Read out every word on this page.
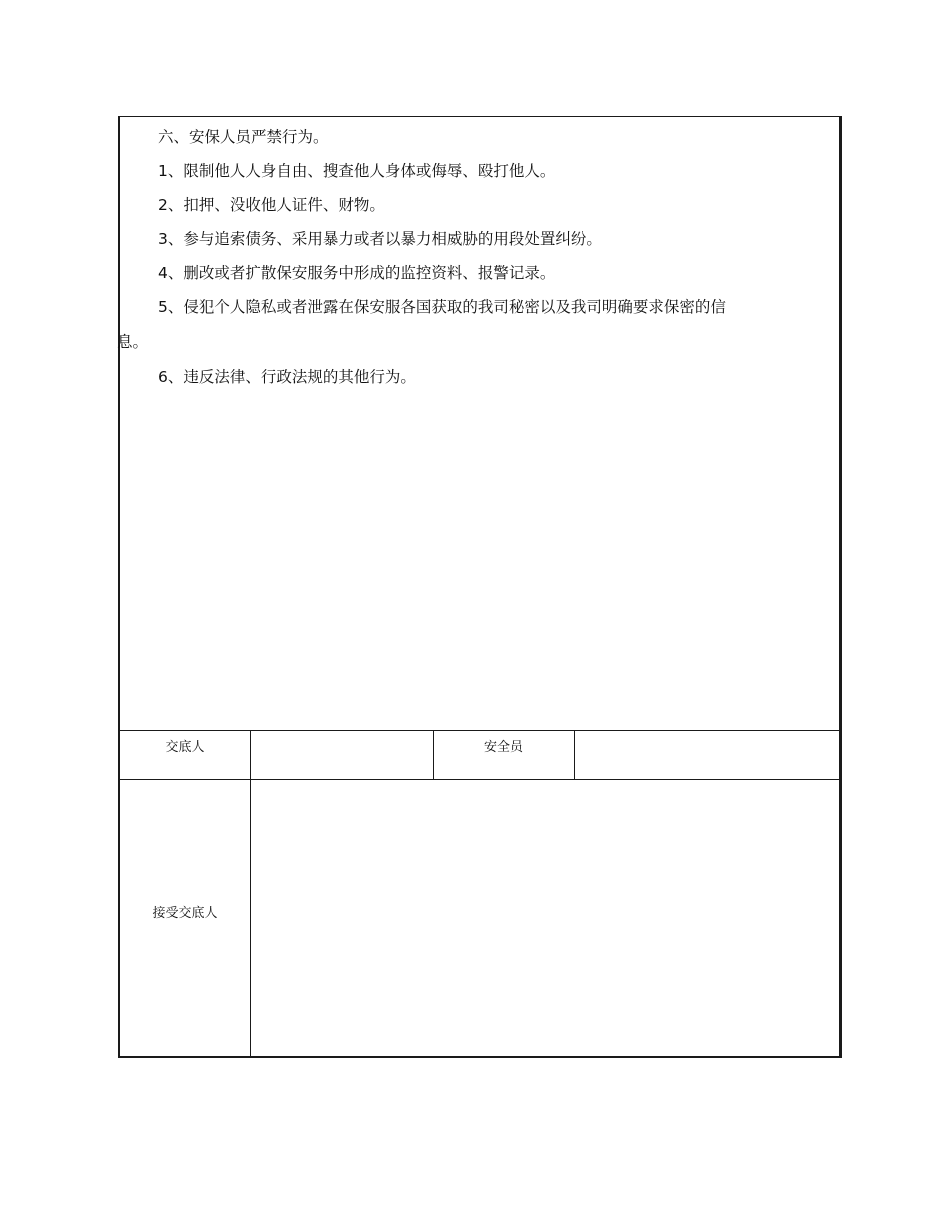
六、安保人员严禁行为。
1、限制他人人身自由、搜查他人身体或侮辱、殴打他人。
2、扣押、没收他人证件、财物。
3、参与追索债务、采用暴力或者以暴力相威胁的用段处置纠纷。
4、删改或者扩散保安服务中形成的监控资料、报警记录。
5、侵犯个人隐私或者泄露在保安服各国获取的我司秘密以及我司明确要求保密的信
息。
6、违反法律、行政法规的其他行为。
交底人	安全员
接受交底人
